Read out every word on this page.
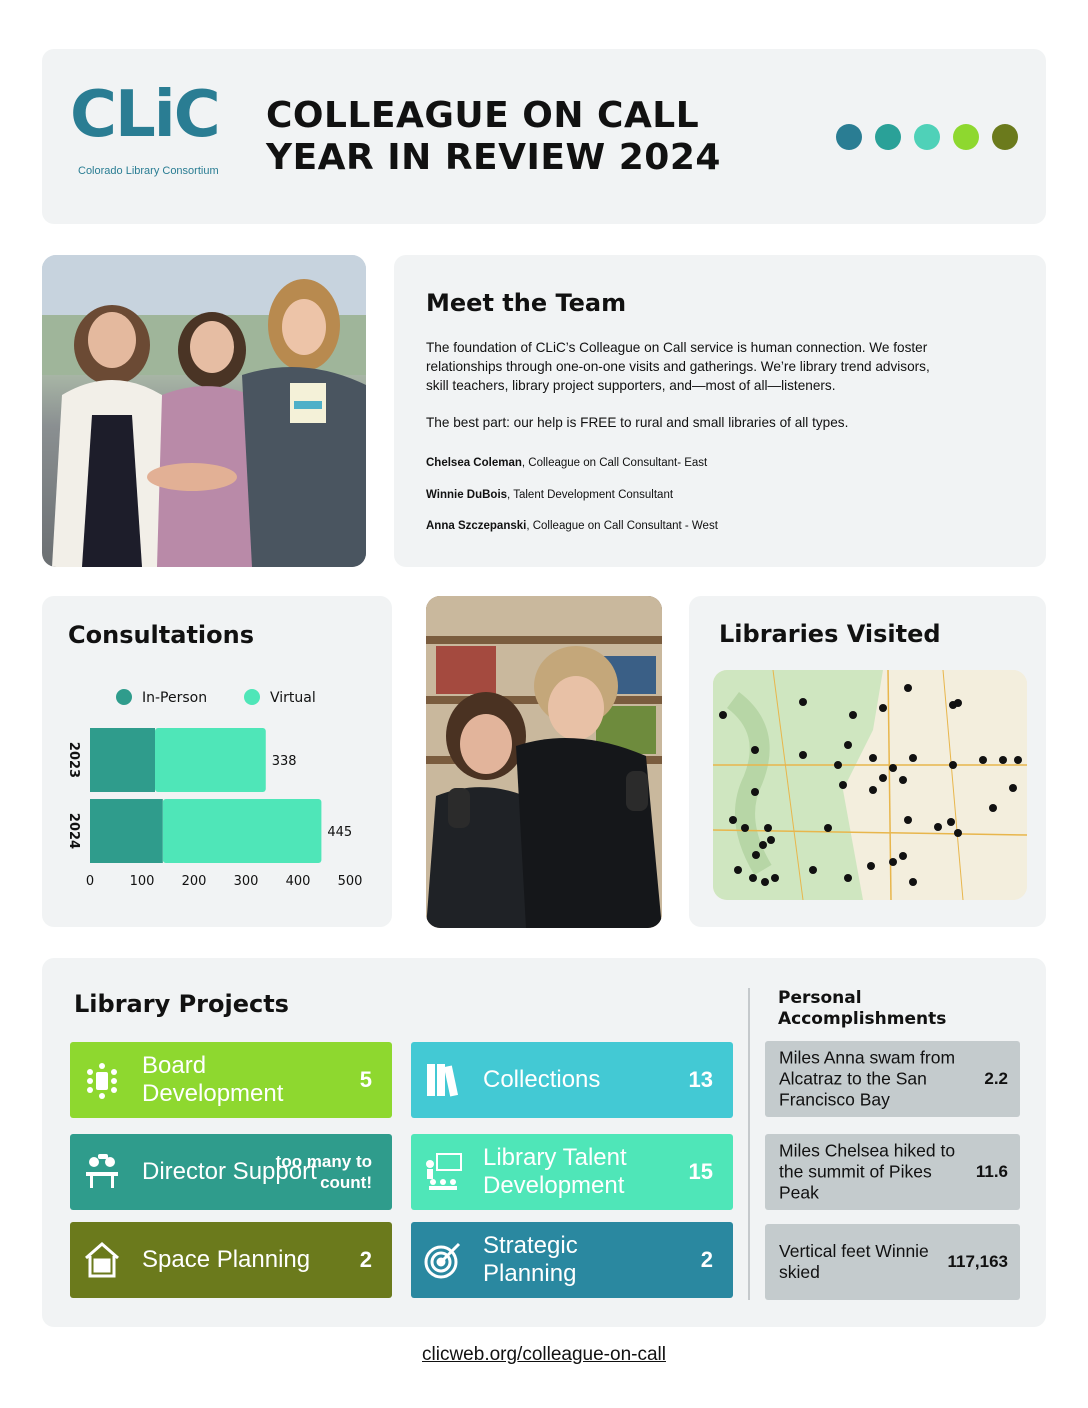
CLiC
Colorado Library Consortium
COLLEAGUE ON CALL
YEAR IN REVIEW 2024
Meet the Team
The foundation of CLiC’s Colleague on Call service is human connection. We foster
relationships through one-on-one visits and gatherings. We’re library trend advisors,
skill teachers, library project supporters, and—most of all—listeners.
The best part: our help is FREE to rural and small libraries of all types.
Chelsea Coleman, Colleague on Call Consultant- East
Winnie DuBois, Talent Development Consultant
Anna Szczepanski, Colleague on Call Consultant - West
Consultations
In-Person	Virtual
2023	338
2024	445
0	100 200 300 400 500
Libraries Visited
Library Projects
Board Development
5	Collections	13
Director Support
too many to count!
Library Talent Development
15
Space Planning	2
Strategic Planning
2
Personal Accomplishments
Miles Anna swam from Alcatraz to the San Francisco Bay
2.2
Miles Chelsea hiked to the summit of Pikes Peak
11.6
Vertical feet Winnie skied
117,163
clicweb.org/colleague-on-call
